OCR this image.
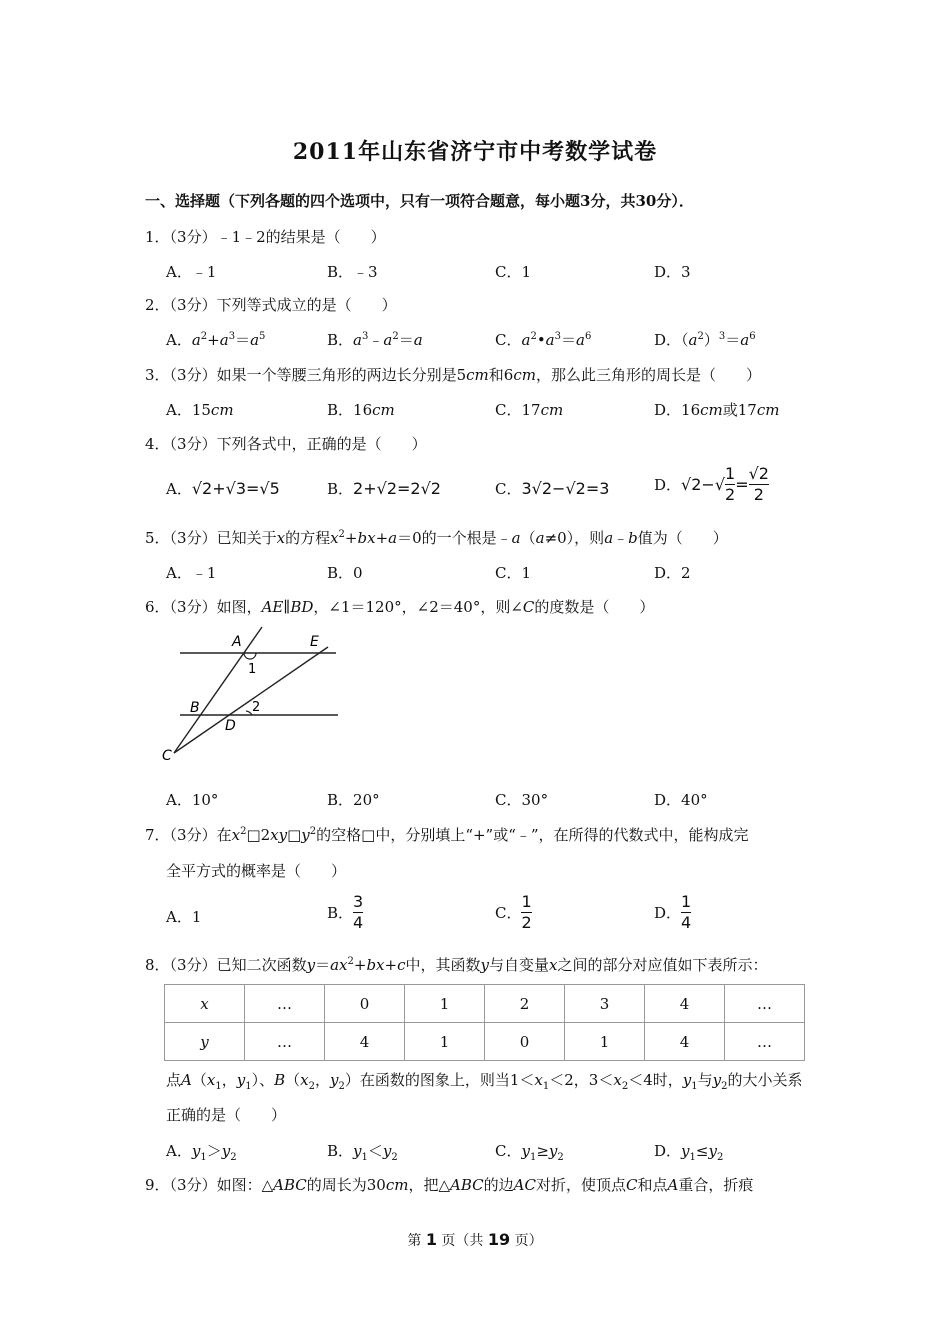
2011年山东省济宁市中考数学试卷
一、选择题（下列各题的四个选项中，只有一项符合题意，每小题3分，共30分）．
1．（3分）﹣1﹣2的结果是（　　）
A．﹣1	B．﹣3	C．1	D．3
2．（3分）下列等式成立的是（　　）
A．$a^2+a^3=a^5$	B．$a^3﹣a^2=a$	C．$a^2•a^3=a^6$	D．$(a^2)^3=a^6$
3．（3分）如果一个等腰三角形的两边长分别是5cm和6cm，那么此三角形的周长是（　　）
A．15cm	B．16cm	C．17cm	D．16cm或17cm
4．（3分）下列各式中，正确的是（　　）
A．√2+√3=√5	B．2+√2=2√2	C．3√2−√2=3	D．$√2-√ \frac{1}{2} = \frac{√2}{2}$
5．（3分）已知关于x的方程$x^2+bx+a=0$的一个根是﹣a（a≠0），则a﹣b值为（　　）
A．﹣1	B．0	C．1	D．2
6．（3分）如图，AE∥BD，∠1＝120°，∠2＝40°，则∠C的度数是（　　）
A	E
1
B	2
D
C
A．10°	B．20°	C．30°	D．40°
7．（3分）在$x^2□2xy□y^2$的空格□中，分别填上“+”或“﹣”，在所得的代数式中，能构成完
全平方式的概率是（　　）
A．1	B． $\frac{3}{4}$	C． $\frac{1}{2}$	D． $\frac{1}{4}$
8．（3分）已知二次函数$y=ax^2+bx+c$中，其函数y与自变量x之间的部分对应值如下表所示：
x	…	0	1	2	3	4	…
y	…	4	1	0	1	4	…
点$A(x_1$，$y_1$）、$B(x_2$，$y_2$）在函数的图象上，则当$1<x_1<2$，$3<x_2<4$时，$y_1$与$y_2$的大小关系
正确的是（　　）
A．$y_1>y_2$	B．$y_1<y_2$	C．$y_1\ge y_2$	D．$y_1\le y_2$
9．（3分）如图：△ABC的周长为30cm，把△ABC的边AC对折，使顶点C和点A重合，折痕
第 1 页（共 19 页）
